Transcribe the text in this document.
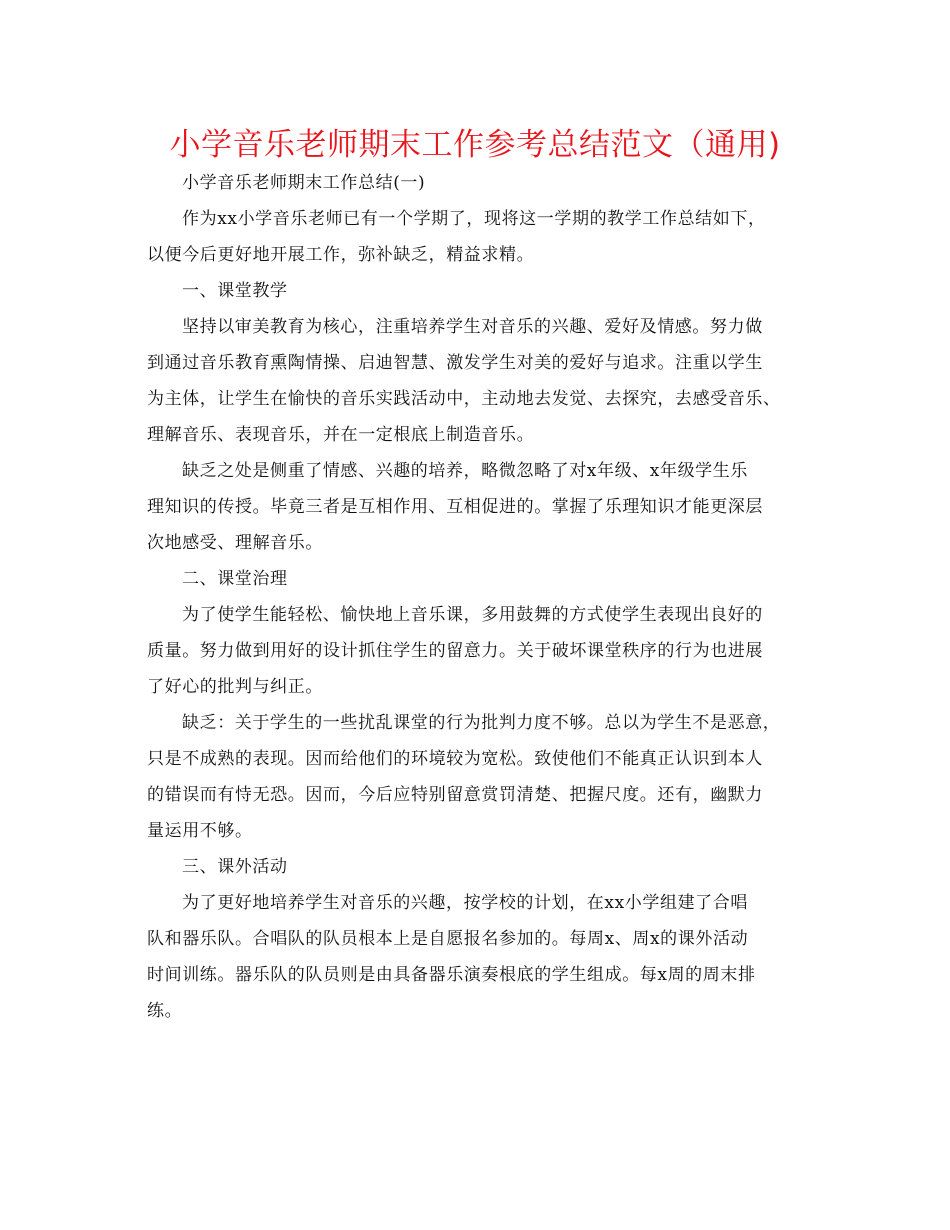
小学音乐老师期末工作参考总结范文（通用)
小学音乐老师期末工作总结(一)
作为xx小学音乐老师已有一个学期了，现将这一学期的教学工作总结如下，
以便今后更好地开展工作，弥补缺乏，精益求精。
一、课堂教学
坚持以审美教育为核心，注重培养学生对音乐的兴趣、爱好及情感。努力做
到通过音乐教育熏陶情操、启迪智慧、激发学生对美的爱好与追求。注重以学生
为主体，让学生在愉快的音乐实践活动中，主动地去发觉、去探究，去感受音乐、
理解音乐、表现音乐，并在一定根底上制造音乐。
缺乏之处是侧重了情感、兴趣的培养，略微忽略了对x年级、x年级学生乐
理知识的传授。毕竟三者是互相作用、互相促进的。掌握了乐理知识才能更深层
次地感受、理解音乐。
二、课堂治理
为了使学生能轻松、愉快地上音乐课，多用鼓舞的方式使学生表现出良好的
质量。努力做到用好的设计抓住学生的留意力。关于破坏课堂秩序的行为也进展
了好心的批判与纠正。
缺乏：关于学生的一些扰乱课堂的行为批判力度不够。总以为学生不是恶意，
只是不成熟的表现。因而给他们的环境较为宽松。致使他们不能真正认识到本人
的错误而有恃无恐。因而，今后应特别留意赏罚清楚、把握尺度。还有，幽默力
量运用不够。
三、课外活动
为了更好地培养学生对音乐的兴趣，按学校的计划，在xx小学组建了合唱
队和器乐队。合唱队的队员根本上是自愿报名参加的。每周x、周x的课外活动
时间训练。器乐队的队员则是由具备器乐演奏根底的学生组成。每x周的周末排
练。
